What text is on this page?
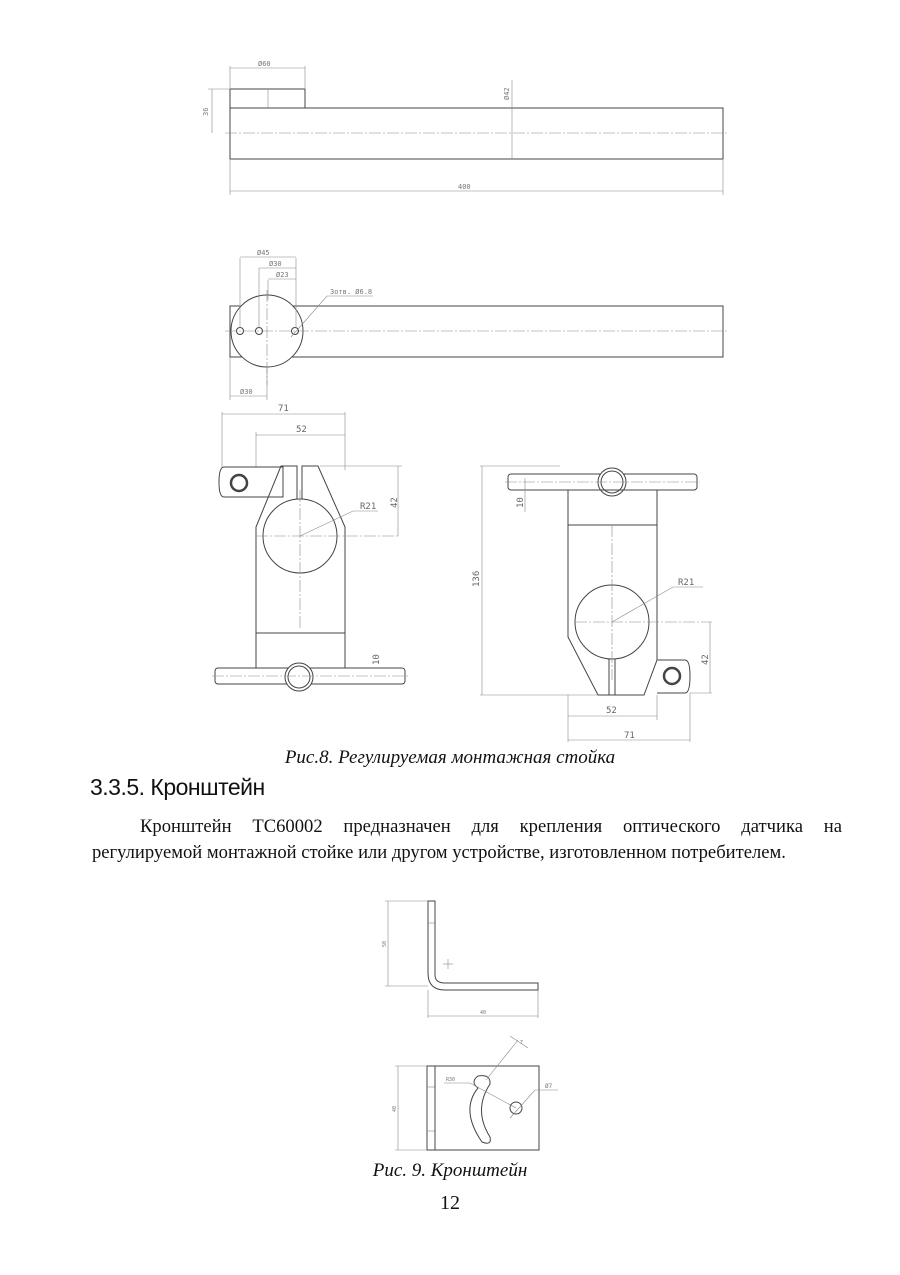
Ø60
36
Ø42
400
Ø45
Ø30
Ø23
3отв. Ø6.8
Ø30
71
52
R21 42
10
R21
136
10
42
52
71
Рис.8. Регулируемая монтажная стойка
3.3.5. Кронштейн
Кронштейн ТС60002 предназначен для крепления оптического датчика на
регулируемой монтажной стойке или другом устройстве, изготовленном потребителем.
50
40
7
R30
Ø7
40
Рис. 9. Кронштейн
12
